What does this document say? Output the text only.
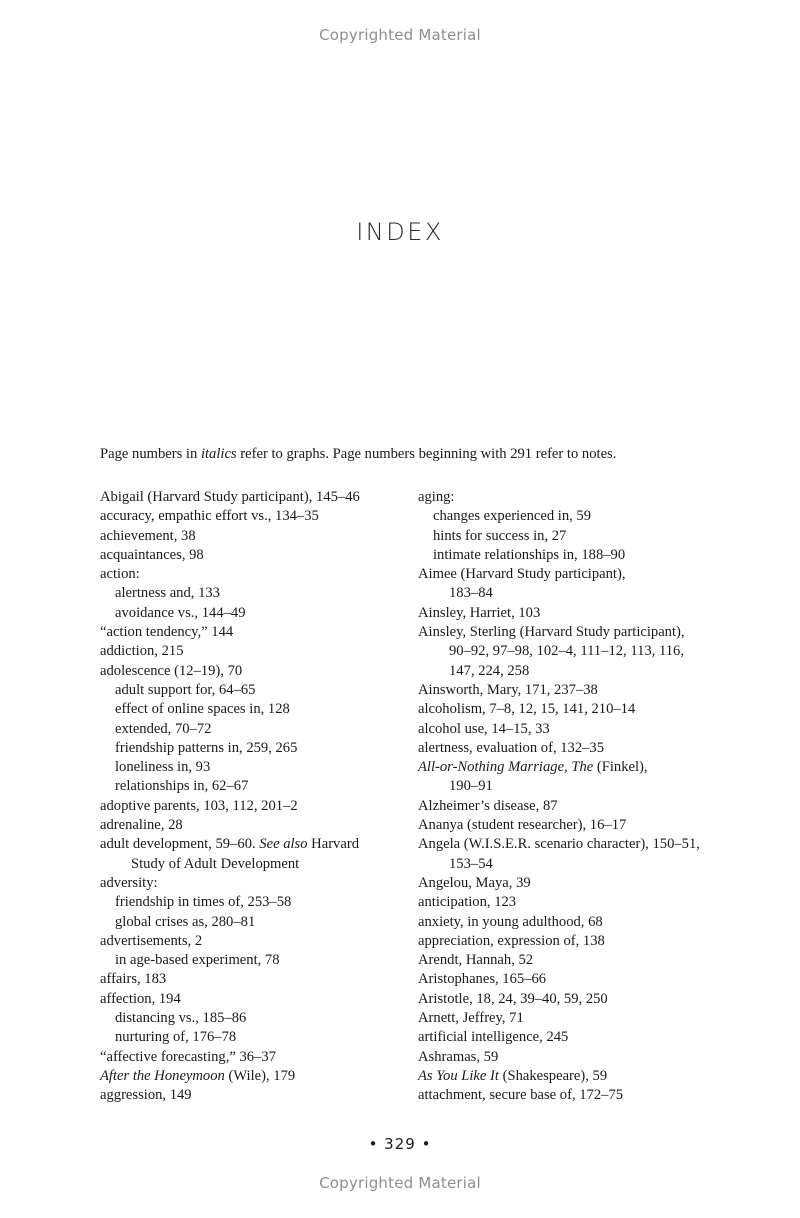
Copyrighted Material
INDEX
Page numbers in italics refer to graphs. Page numbers beginning with 291 refer to notes.
Abigail (Harvard Study participant), 145–46
accuracy, empathic effort vs., 134–35
achievement, 38
acquaintances, 98
action:
alertness and, 133
avoidance vs., 144–49
“action tendency,” 144
addiction, 215
adolescence (12–19), 70
adult support for, 64–65
effect of online spaces in, 128
extended, 70–72
friendship patterns in, 259, 265
loneliness in, 93
relationships in, 62–67
adoptive parents, 103, 112, 201–2
adrenaline, 28
adult development, 59–60. See also Harvard
Study of Adult Development
adversity:
friendship in times of, 253–58
global crises as, 280–81
advertisements, 2
in age-based experiment, 78
affairs, 183
affection, 194
distancing vs., 185–86
nurturing of, 176–78
“affective forecasting,” 36–37
After the Honeymoon (Wile), 179
aggression, 149
aging:
changes experienced in, 59
hints for success in, 27
intimate relationships in, 188–90
Aimee (Harvard Study participant),
183–84
Ainsley, Harriet, 103
Ainsley, Sterling (Harvard Study participant),
90–92, 97–98, 102–4, 111–12, 113, 116,
147, 224, 258
Ainsworth, Mary, 171, 237–38
alcoholism, 7–8, 12, 15, 141, 210–14
alcohol use, 14–15, 33
alertness, evaluation of, 132–35
All-or-Nothing Marriage, The (Finkel),
190–91
Alzheimer’s disease, 87
Ananya (student researcher), 16–17
Angela (W.I.S.E.R. scenario character), 150–51,
153–54
Angelou, Maya, 39
anticipation, 123
anxiety, in young adulthood, 68
appreciation, expression of, 138
Arendt, Hannah, 52
Aristophanes, 165–66
Aristotle, 18, 24, 39–40, 59, 250
Arnett, Jeffrey, 71
artificial intelligence, 245
Ashramas, 59
As You Like It (Shakespeare), 59
attachment, secure base of, 172–75
• 329 •
Copyrighted Material
